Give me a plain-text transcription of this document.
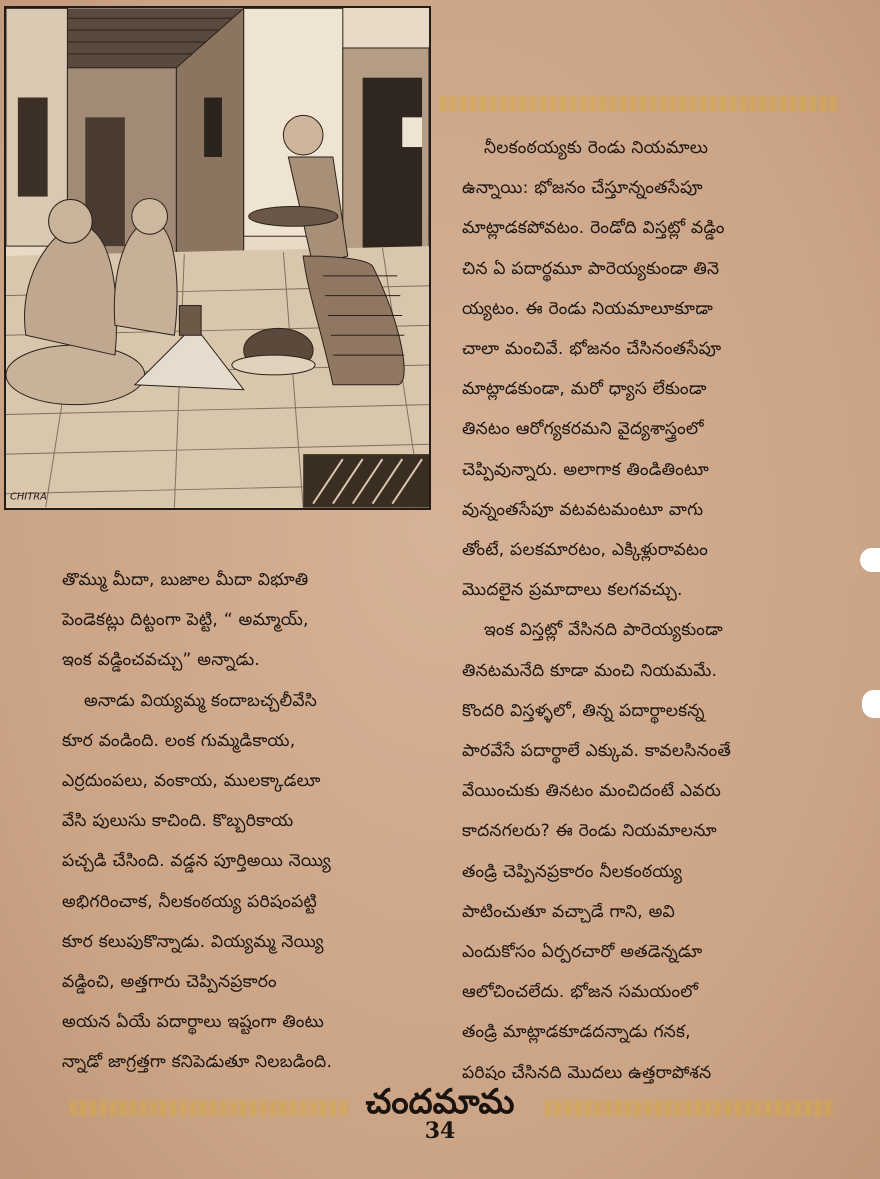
CHITRA

తొమ్ము మీదా, బుజాల మీదా విభూతి

పెండెకట్లు దిట్టంగా పెట్టి, “ అమ్మాయ్,

ఇంక వడ్డించవచ్చు” అన్నాడు.

అనాడు వియ్యమ్మ కందాబచ్చలీవేసి

కూర వండింది. లంక గుమ్మడికాయ,

ఎర్రదుంపలు, వంకాయ, ములక్కాడలూ

వేసి పులుసు కాచింది. కొబ్బరికాయ

పచ్చడి చేసింది. వడ్డన పూర్తిఅయి నెయ్యి

అభిగరించాక, నీలకంఠయ్య పరిషంపట్టి

కూర కలుపుకొన్నాడు. వియ్యమ్మ నెయ్యి

వడ్డించి, అత్తగారు చెప్పినప్రకారం

అయన ఏయే పదార్థాలు ఇష్టంగా తింటు

న్నాడో జాగ్రత్తగా కనిపెడుతూ నిలబడింది.

నీలకంఠయ్యకు రెండు నియమాలు

ఉన్నాయి: భోజనం చేస్తూన్నంతసేపూ

మాట్లాడకపోవటం. రెండోది విస్తట్లో వడ్డిం

చిన ఏ పదార్థమూ పారెయ్యకుండా తినె

య్యటం. ఈ రెండు నియమాలూకూడా

చాలా మంచివే. భోజనం చేసినంతసేపూ

మాట్లాడకుండా, మరో ధ్యాస లేకుండా

తినటం ఆరోగ్యకరమని వైద్యశాస్త్రంలో

చెప్పివున్నారు. అలాగాక తిండితింటూ

వున్నంతసేపూ వటవటమంటూ వాగు

తోంటే, పలకమారటం, ఎక్కిళ్లురావటం

మొదలైన ప్రమాదాలు కలగవచ్చు.

ఇంక విస్తట్లో వేసినది పారెయ్యకుండా

తినటమనేది కూడా మంచి నియమమే.

కొందరి విస్తళ్ళలో, తిన్న పదార్థాలకన్న

పారవేసే పదార్థాలే ఎక్కువ. కావలసినంతే

వేయించుకు తినటం మంచిదంటే ఎవరు

కాదనగలరు? ఈ రెండు నియమాలనూ

తండ్రి చెప్పినప్రకారం నీలకంఠయ్య

పాటించుతూ వచ్చాడే గాని, అవి

ఎందుకోసం ఏర్పరచారో అతడెన్నడూ

ఆలోచించలేదు. భోజన సమయంలో

తండ్రి మాట్లాడకూడదన్నాడు గనక,

పరిషం చేసినది మొదలు ఉత్తరాపోశన

చందమామ
34
